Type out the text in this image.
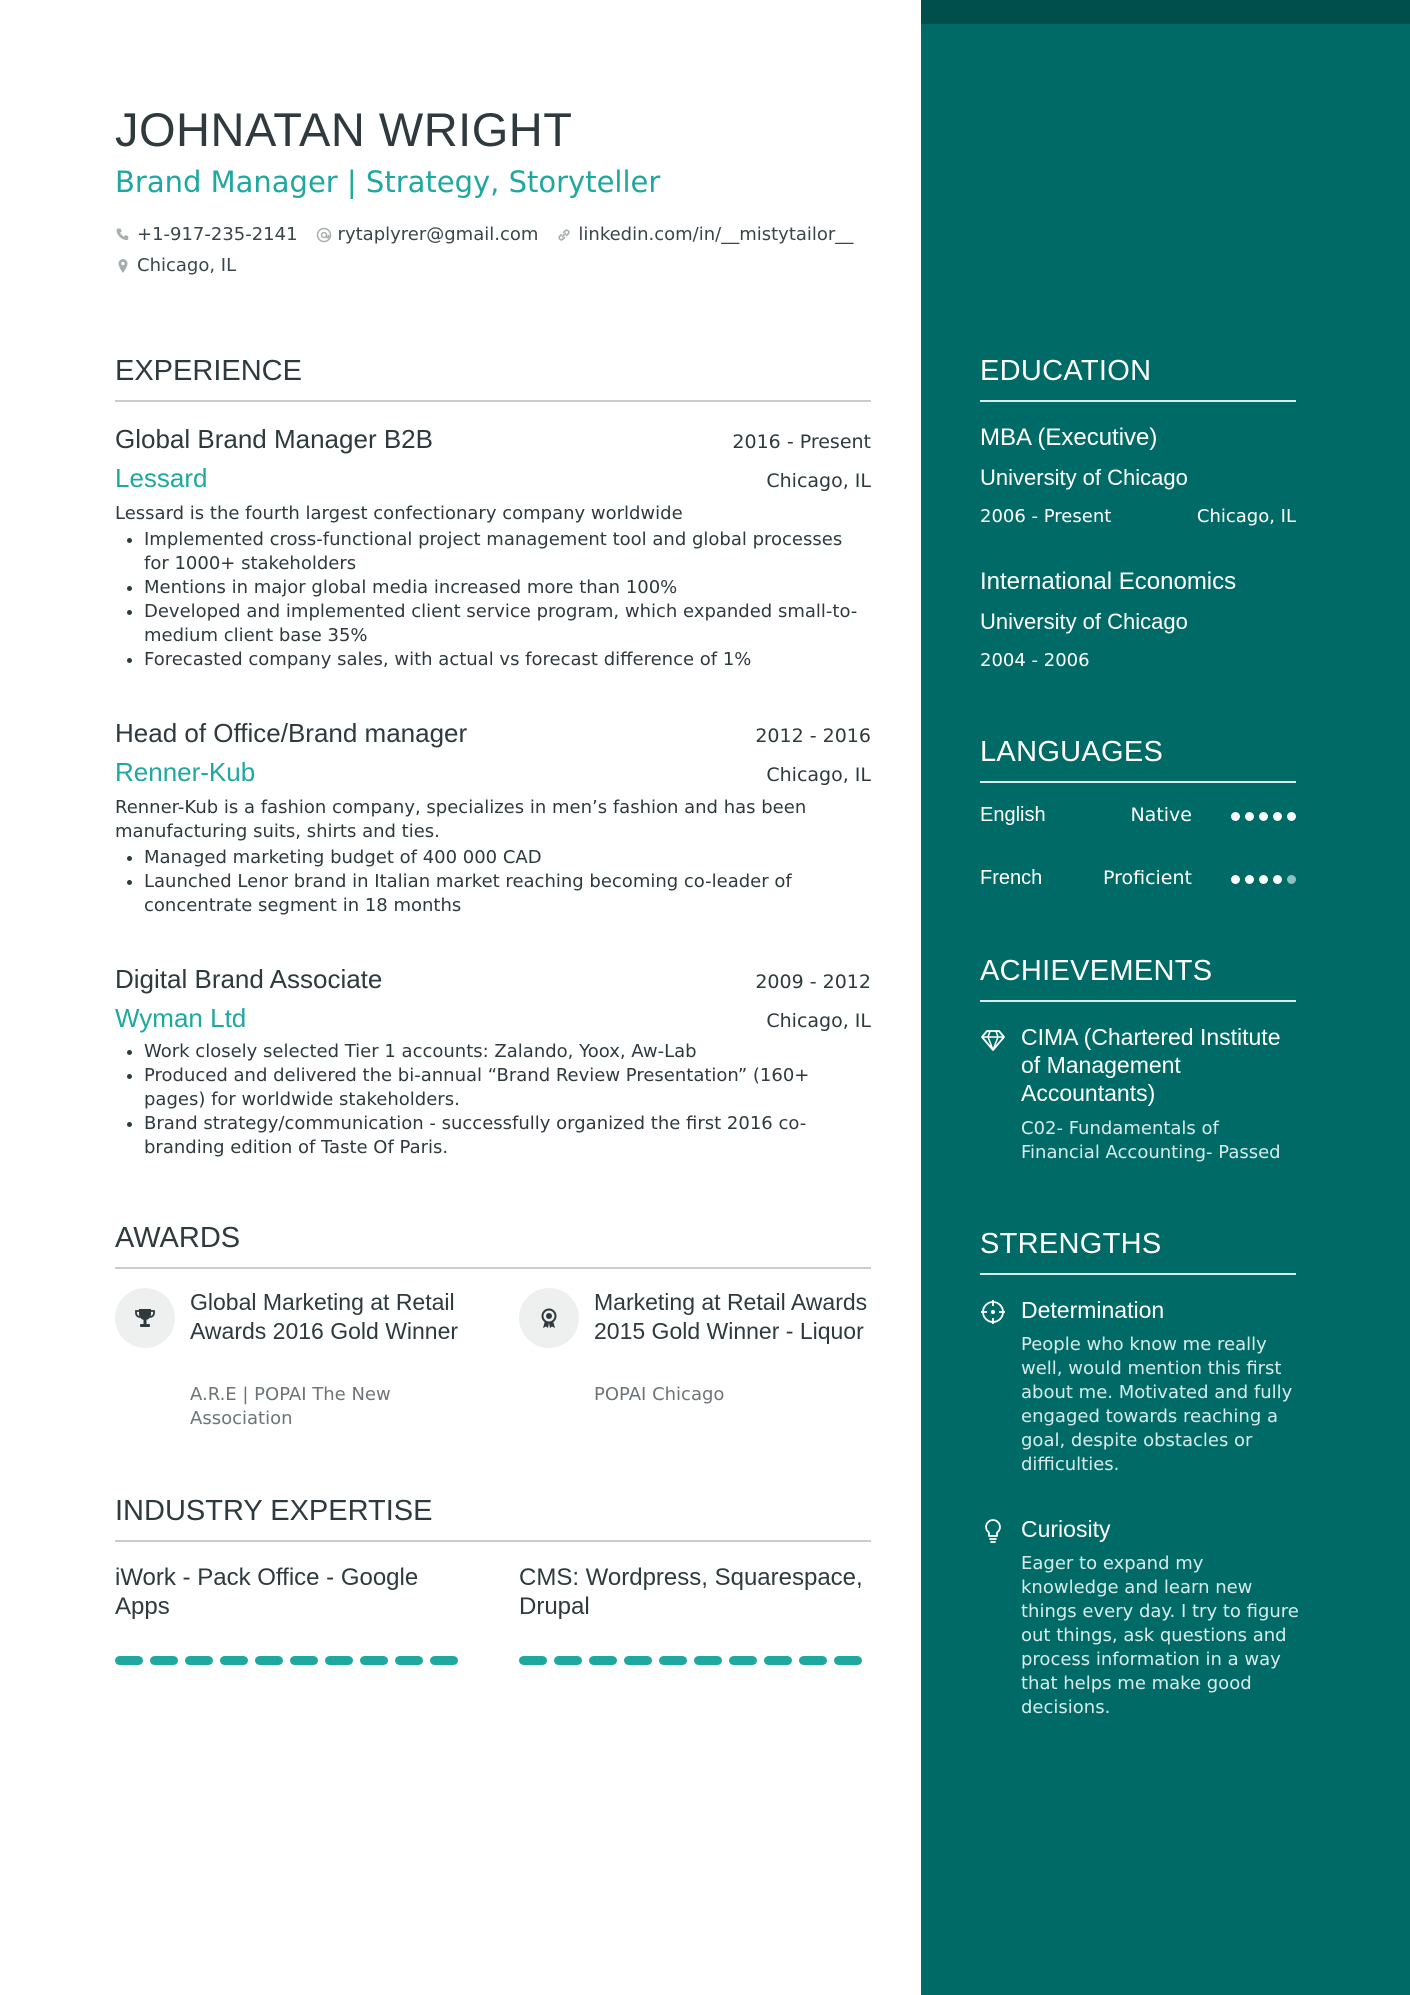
JOHNATAN WRIGHT
Brand Manager | Strategy, Storyteller
+1-917-235-2141 rytaplyrer@gmail.com linkedin.com/in/__mistytailor__
Chicago, IL
EXPERIENCE
Global Brand Manager B2B	2016 - Present
Lessard	Chicago, IL
Lessard is the fourth largest confectionary company worldwide
• Implemented cross-functional project management tool and global processes for 1000+ stakeholders
• Mentions in major global media increased more than 100%
• Developed and implemented client service program, which expanded small-to-medium client base 35%
• Forecasted company sales, with actual vs forecast difference of 1%
Head of Office/Brand manager	2012 - 2016
Renner-Kub	Chicago, IL
Renner-Kub is a fashion company, specializes in men’s fashion and has been manufacturing suits, shirts and ties.
• Managed marketing budget of 400 000 CAD
• Launched Lenor brand in Italian market reaching becoming co-leader of concentrate segment in 18 months
Digital Brand Associate	2009 - 2012
Wyman Ltd	Chicago, IL
• Work closely selected Tier 1 accounts: Zalando, Yoox, Aw-Lab
• Produced and delivered the bi-annual “Brand Review Presentation” (160+ pages) for worldwide stakeholders.
• Brand strategy/communication - successfully organized the first 2016 co-branding edition of Taste Of Paris.
AWARDS
Global Marketing at Retail Awards 2016 Gold Winner
A.R.E | POPAI The New Association
Marketing at Retail Awards 2015 Gold Winner - Liquor
POPAI Chicago
INDUSTRY EXPERTISE
iWork - Pack Office - Google Apps
CMS: Wordpress, Squarespace, Drupal
EDUCATION
MBA (Executive)
University of Chicago
2006 - Present	Chicago, IL
International Economics
University of Chicago
2004 - 2006
LANGUAGES
English	Native
French	Proficient
ACHIEVEMENTS
CIMA (Chartered Institute of Management Accountants)
C02- Fundamentals of Financial Accounting- Passed
STRENGTHS
Determination
People who know me really well, would mention this first about me. Motivated and fully engaged towards reaching a goal, despite obstacles or difficulties.
Curiosity
Eager to expand my knowledge and learn new things every day. I try to figure out things, ask questions and process information in a way that helps me make good decisions.
